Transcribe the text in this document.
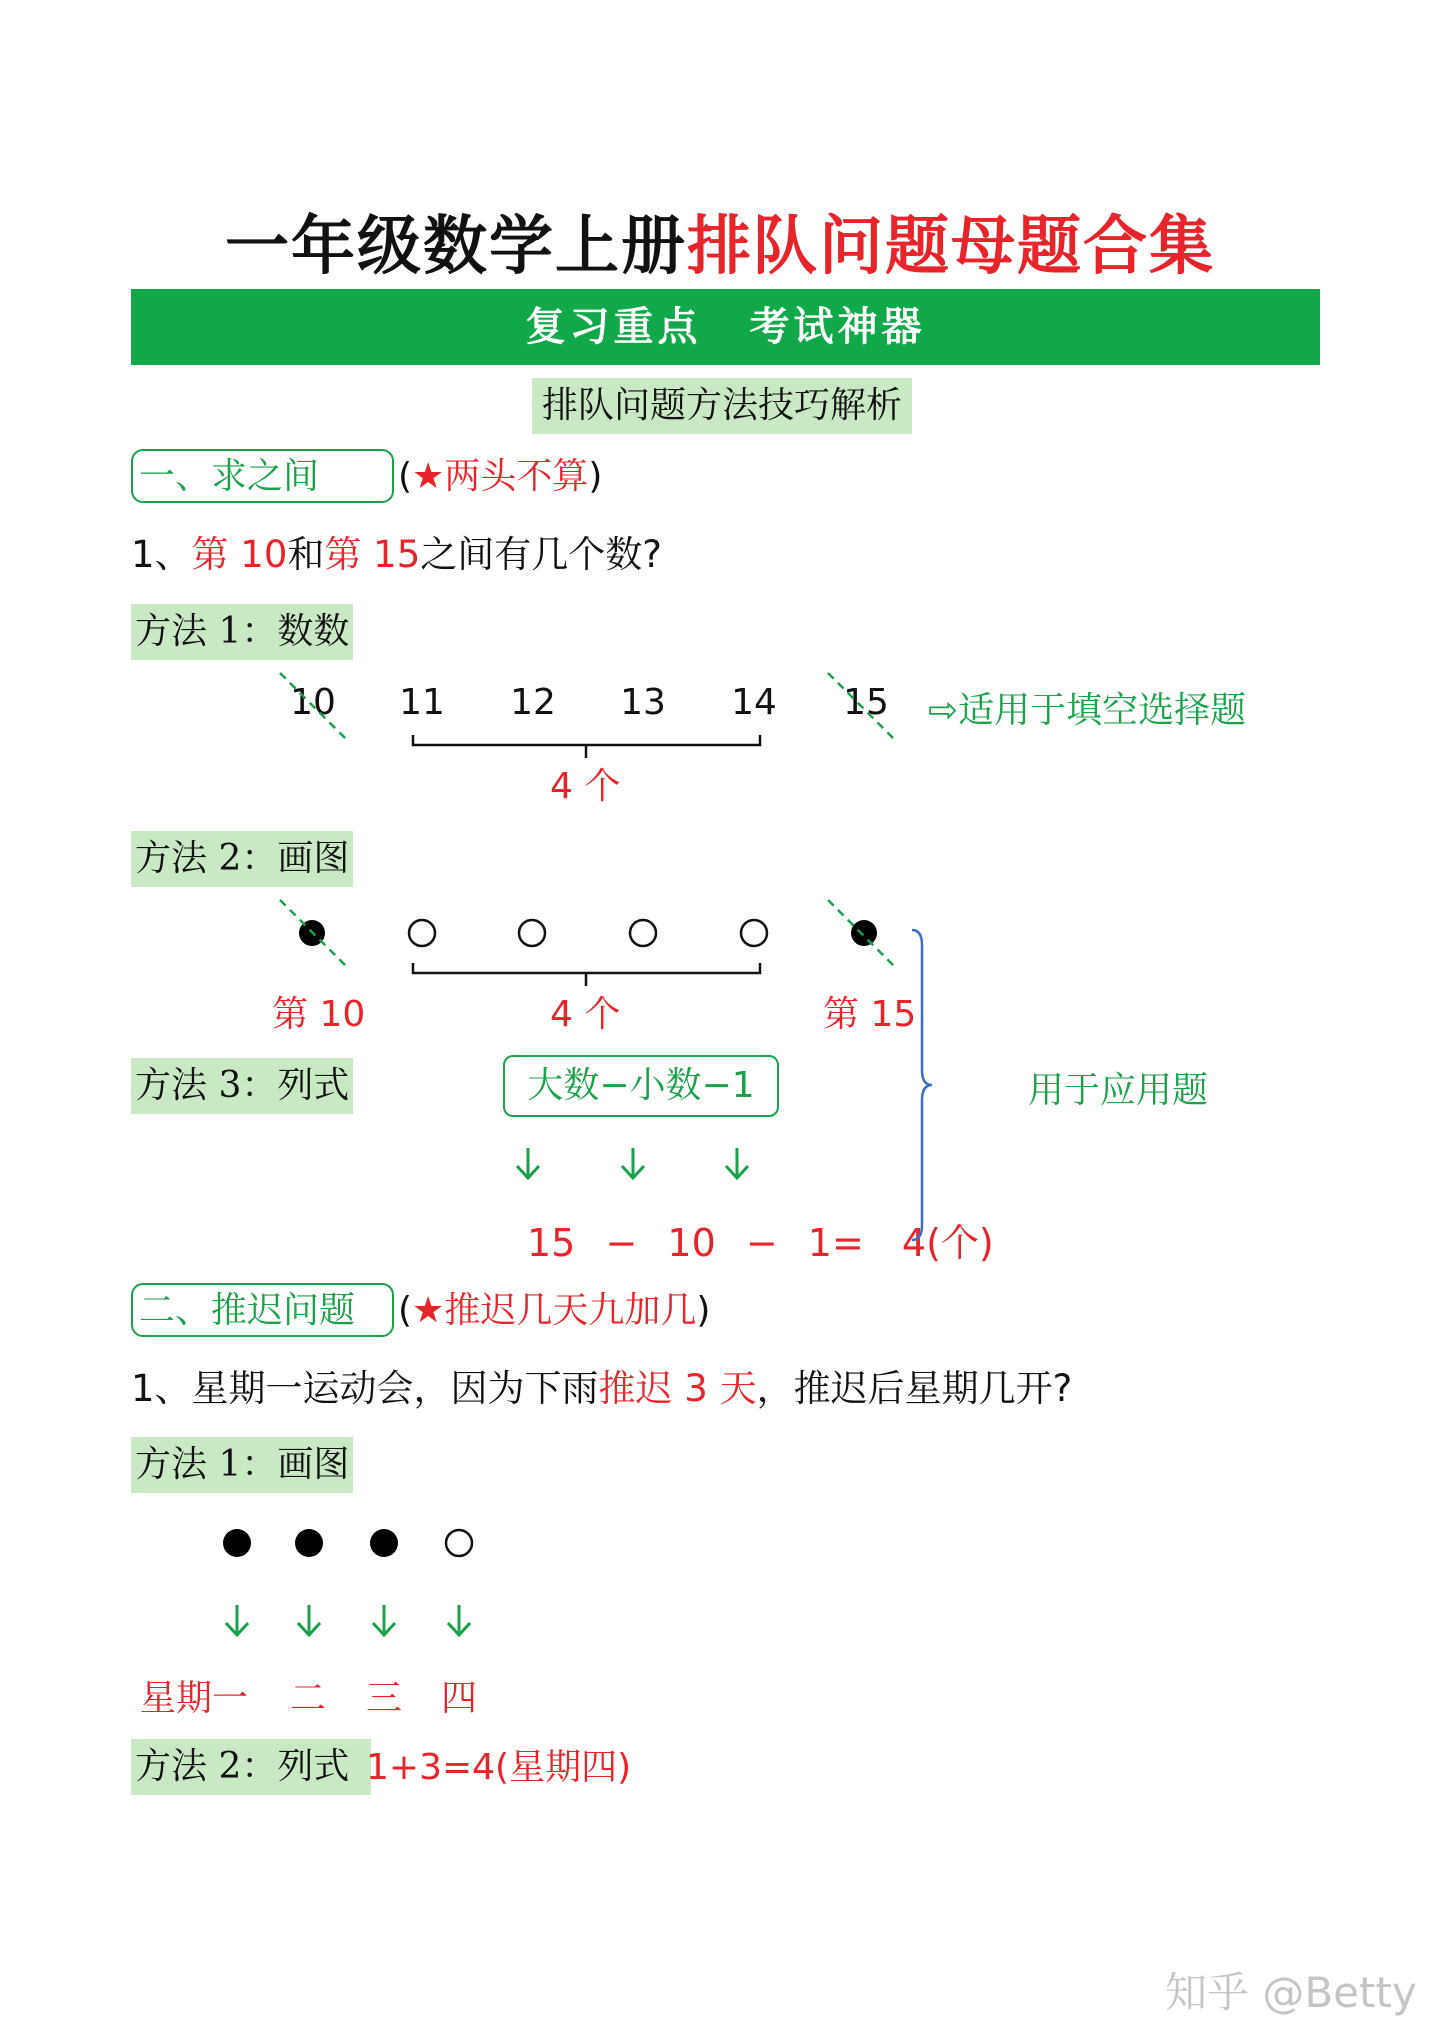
一年级数学上册排队问题母题合集
复习重点 考试神器
排队问题方法技巧解析
一、求之间	(★两头不算)
1、第 10和第 15之间有几个数?
方法 1：数数
10 11 12 13 14 15 ⇨适用于填空选择题
4 个
方法 2：画图
第 10	4 个	第 15
方法 3：列式	大数−小数−1	用于应用题
15 − 10 − 1= 4(个)
二、推迟问题	(★推迟几天九加几)
1、星期一运动会，因为下雨推迟 3 天，推迟后星期几开?
方法 1：画图
星期一 二 三 四
方法 2：列式 1+3=4(星期四)
知乎 @Betty
